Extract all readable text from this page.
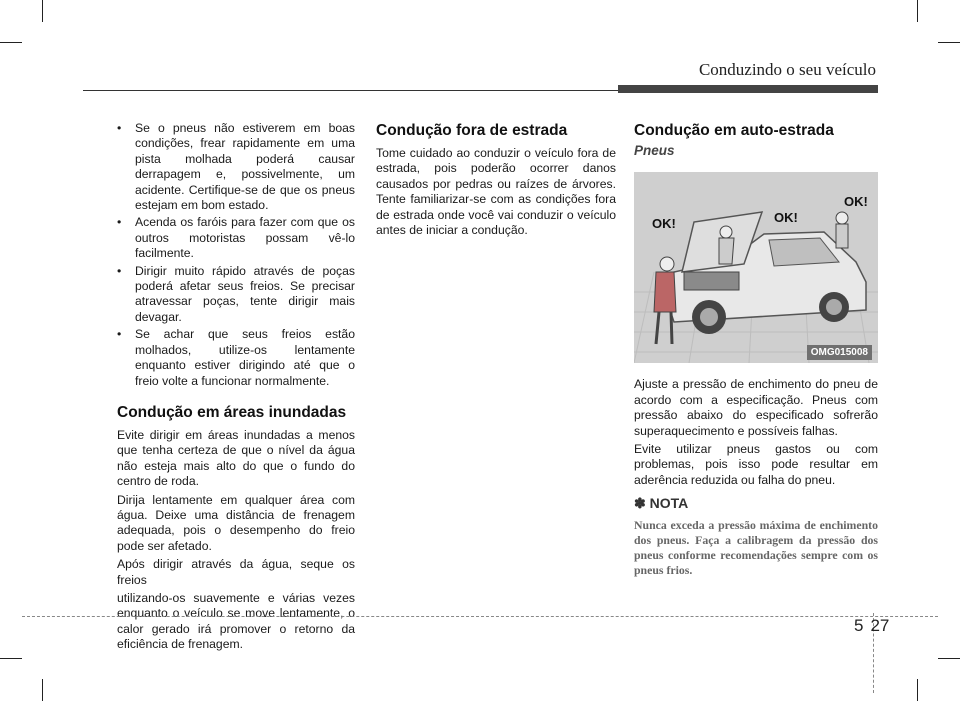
Conduzindo o seu veículo
• Se o pneus não estiverem em boas condições, frear rapidamente em uma pista molhada poderá causar derrapagem e, possivelmente, um acidente. Certifique-se de que os pneus estejam em bom estado.
• Acenda os faróis para fazer com que os outros motoristas possam vê-lo facilmente.
• Dirigir muito rápido através de poças poderá afetar seus freios. Se precisar atravessar poças, tente dirigir mais devagar.
• Se achar que seus freios estão molhados, utilize-os lentamente enquanto estiver dirigindo até que o freio volte a funcionar normalmente.
Condução em áreas inundadas

Evite dirigir em áreas inundadas a menos que tenha certeza de que o nível da água não esteja mais alto do que o fundo do centro de roda.

Dirija lentamente em qualquer área com água. Deixe uma distância de frenagem adequada, pois o desempenho do freio pode ser afetado.

Após dirigir através da água, seque os freios

utilizando-os suavemente e várias vezes enquanto o veículo se move lentamente, o calor gerado irá promover o retorno da eficiência de frenagem.

Condução fora de estrada

Tome cuidado ao conduzir o veículo fora de estrada, pois poderão ocorrer danos causados por pedras ou raízes de árvores. Tente familiarizar-se com as condições fora de estrada onde você vai conduzir o veículo antes de iniciar a condução.

Condução em auto-estrada
Pneus
OK!	OK!
OK!
OMG015008

Ajuste a pressão de enchimento do pneu de acordo com a especificação. Pneus com pressão abaixo do especificado sofrerão superaquecimento e possíveis falhas.

Evite utilizar pneus gastos ou com problemas, pois isso pode resultar em aderência reduzida ou falha do pneu.

✽ NOTA
Nunca exceda a pressão máxima de enchimento dos pneus. Faça a calibragem da pressão dos pneus conforme recomendações sempre com os pneus frios.
5 27
